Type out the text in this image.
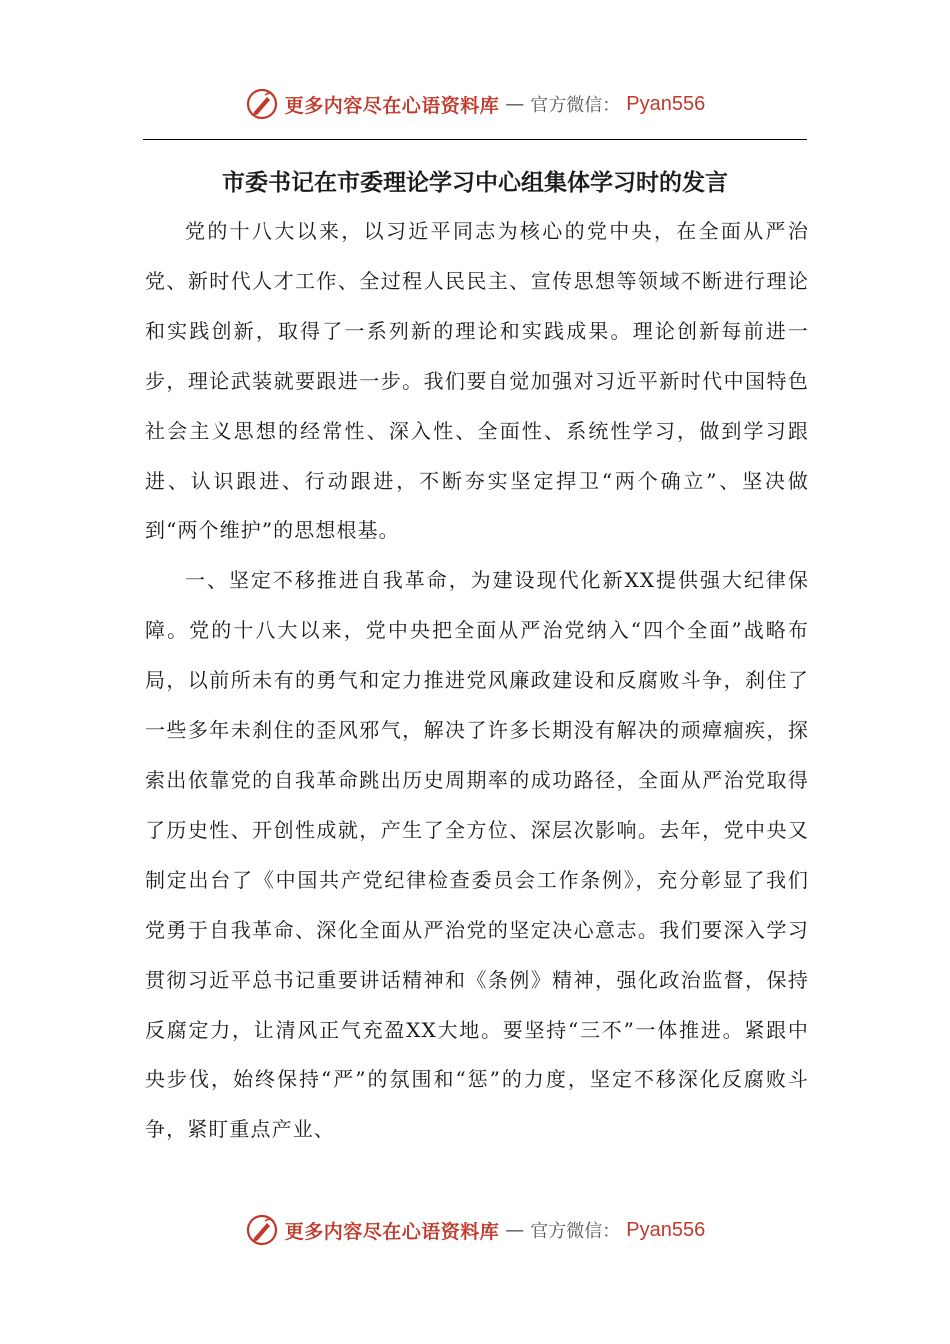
更多内容尽在心语资料库 — 官方微信： Pyan556
市委书记在市委理论学习中心组集体学习时的发言

党的十八大以来，以习近平同志为核心的党中央，在全面从严治党、新时代人才工作、全过程人民民主、宣传思想等领域不断进行理论和实践创新，取得了一系列新的理论和实践成果。理论创新每前进一步，理论武装就要跟进一步。我们要自觉加强对习近平新时代中国特色社会主义思想的经常性、深入性、全面性、系统性学习，做到学习跟进、认识跟进、行动跟进，不断夯实坚定捍卫“两个确立”、坚决做到“两个维护”的思想根基。

一、坚定不移推进自我革命，为建设现代化新XX提供强大纪律保障。党的十八大以来，党中央把全面从严治党纳入“四个全面”战略布局，以前所未有的勇气和定力推进党风廉政建设和反腐败斗争，刹住了一些多年未刹住的歪风邪气，解决了许多长期没有解决的顽瘴痼疾，探索出依靠党的自我革命跳出历史周期率的成功路径，全面从严治党取得了历史性、开创性成就，产生了全方位、深层次影响。去年，党中央又制定出台了《中国共产党纪律检查委员会工作条例》，充分彰显了我们党勇于自我革命、深化全面从严治党的坚定决心意志。我们要深入学习贯彻习近平总书记重要讲话精神和《条例》精神，强化政治监督，保持反腐定力，让清风正气充盈XX大地。要坚持“三不”一体推进。紧跟中央步伐，始终保持“严”的氛围和“惩”的力度，坚定不移深化反腐败斗争，紧盯重点产业、

更多内容尽在心语资料库 — 官方微信： Pyan556
